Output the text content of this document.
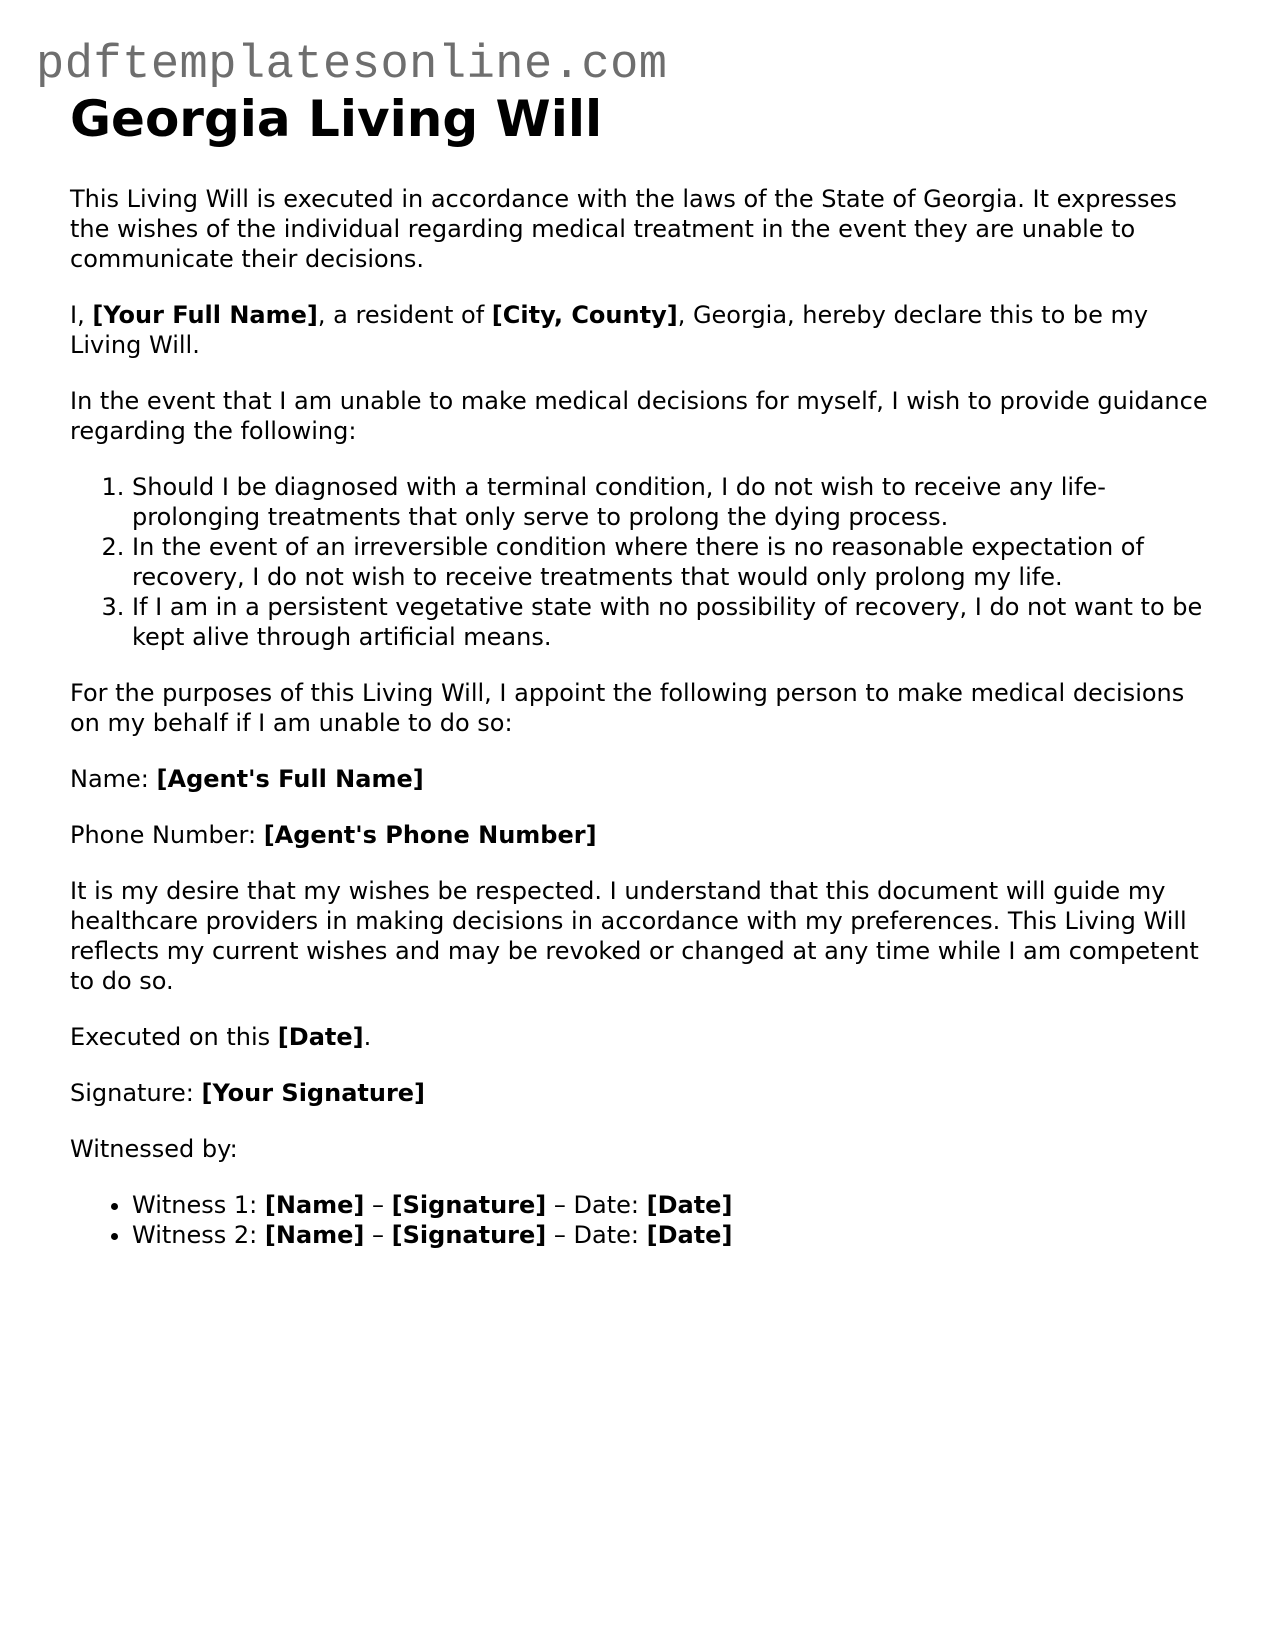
pdftemplatesonline.com
Georgia Living Will

This Living Will is executed in accordance with the laws of the State of Georgia. It expresses the wishes of the individual regarding medical treatment in the event they are unable to communicate their decisions.

I, [Your Full Name], a resident of [City, County], Georgia, hereby declare this to be my Living Will.

In the event that I am unable to make medical decisions for myself, I wish to provide guidance regarding the following:

1. Should I be diagnosed with a terminal condition, I do not wish to receive any life-prolonging treatments that only serve to prolong the dying process.
2. In the event of an irreversible condition where there is no reasonable expectation of recovery, I do not wish to receive treatments that would only prolong my life.
3. If I am in a persistent vegetative state with no possibility of recovery, I do not want to be kept alive through artificial means.

For the purposes of this Living Will, I appoint the following person to make medical decisions on my behalf if I am unable to do so:

Name: [Agent's Full Name]

Phone Number: [Agent's Phone Number]

It is my desire that my wishes be respected. I understand that this document will guide my healthcare providers in making decisions in accordance with my preferences. This Living Will reflects my current wishes and may be revoked or changed at any time while I am competent to do so.

Executed on this [Date].

Signature: [Your Signature]

Witnessed by:

• Witness 1: [Name] – [Signature] – Date: [Date]
• Witness 2: [Name] – [Signature] – Date: [Date]
